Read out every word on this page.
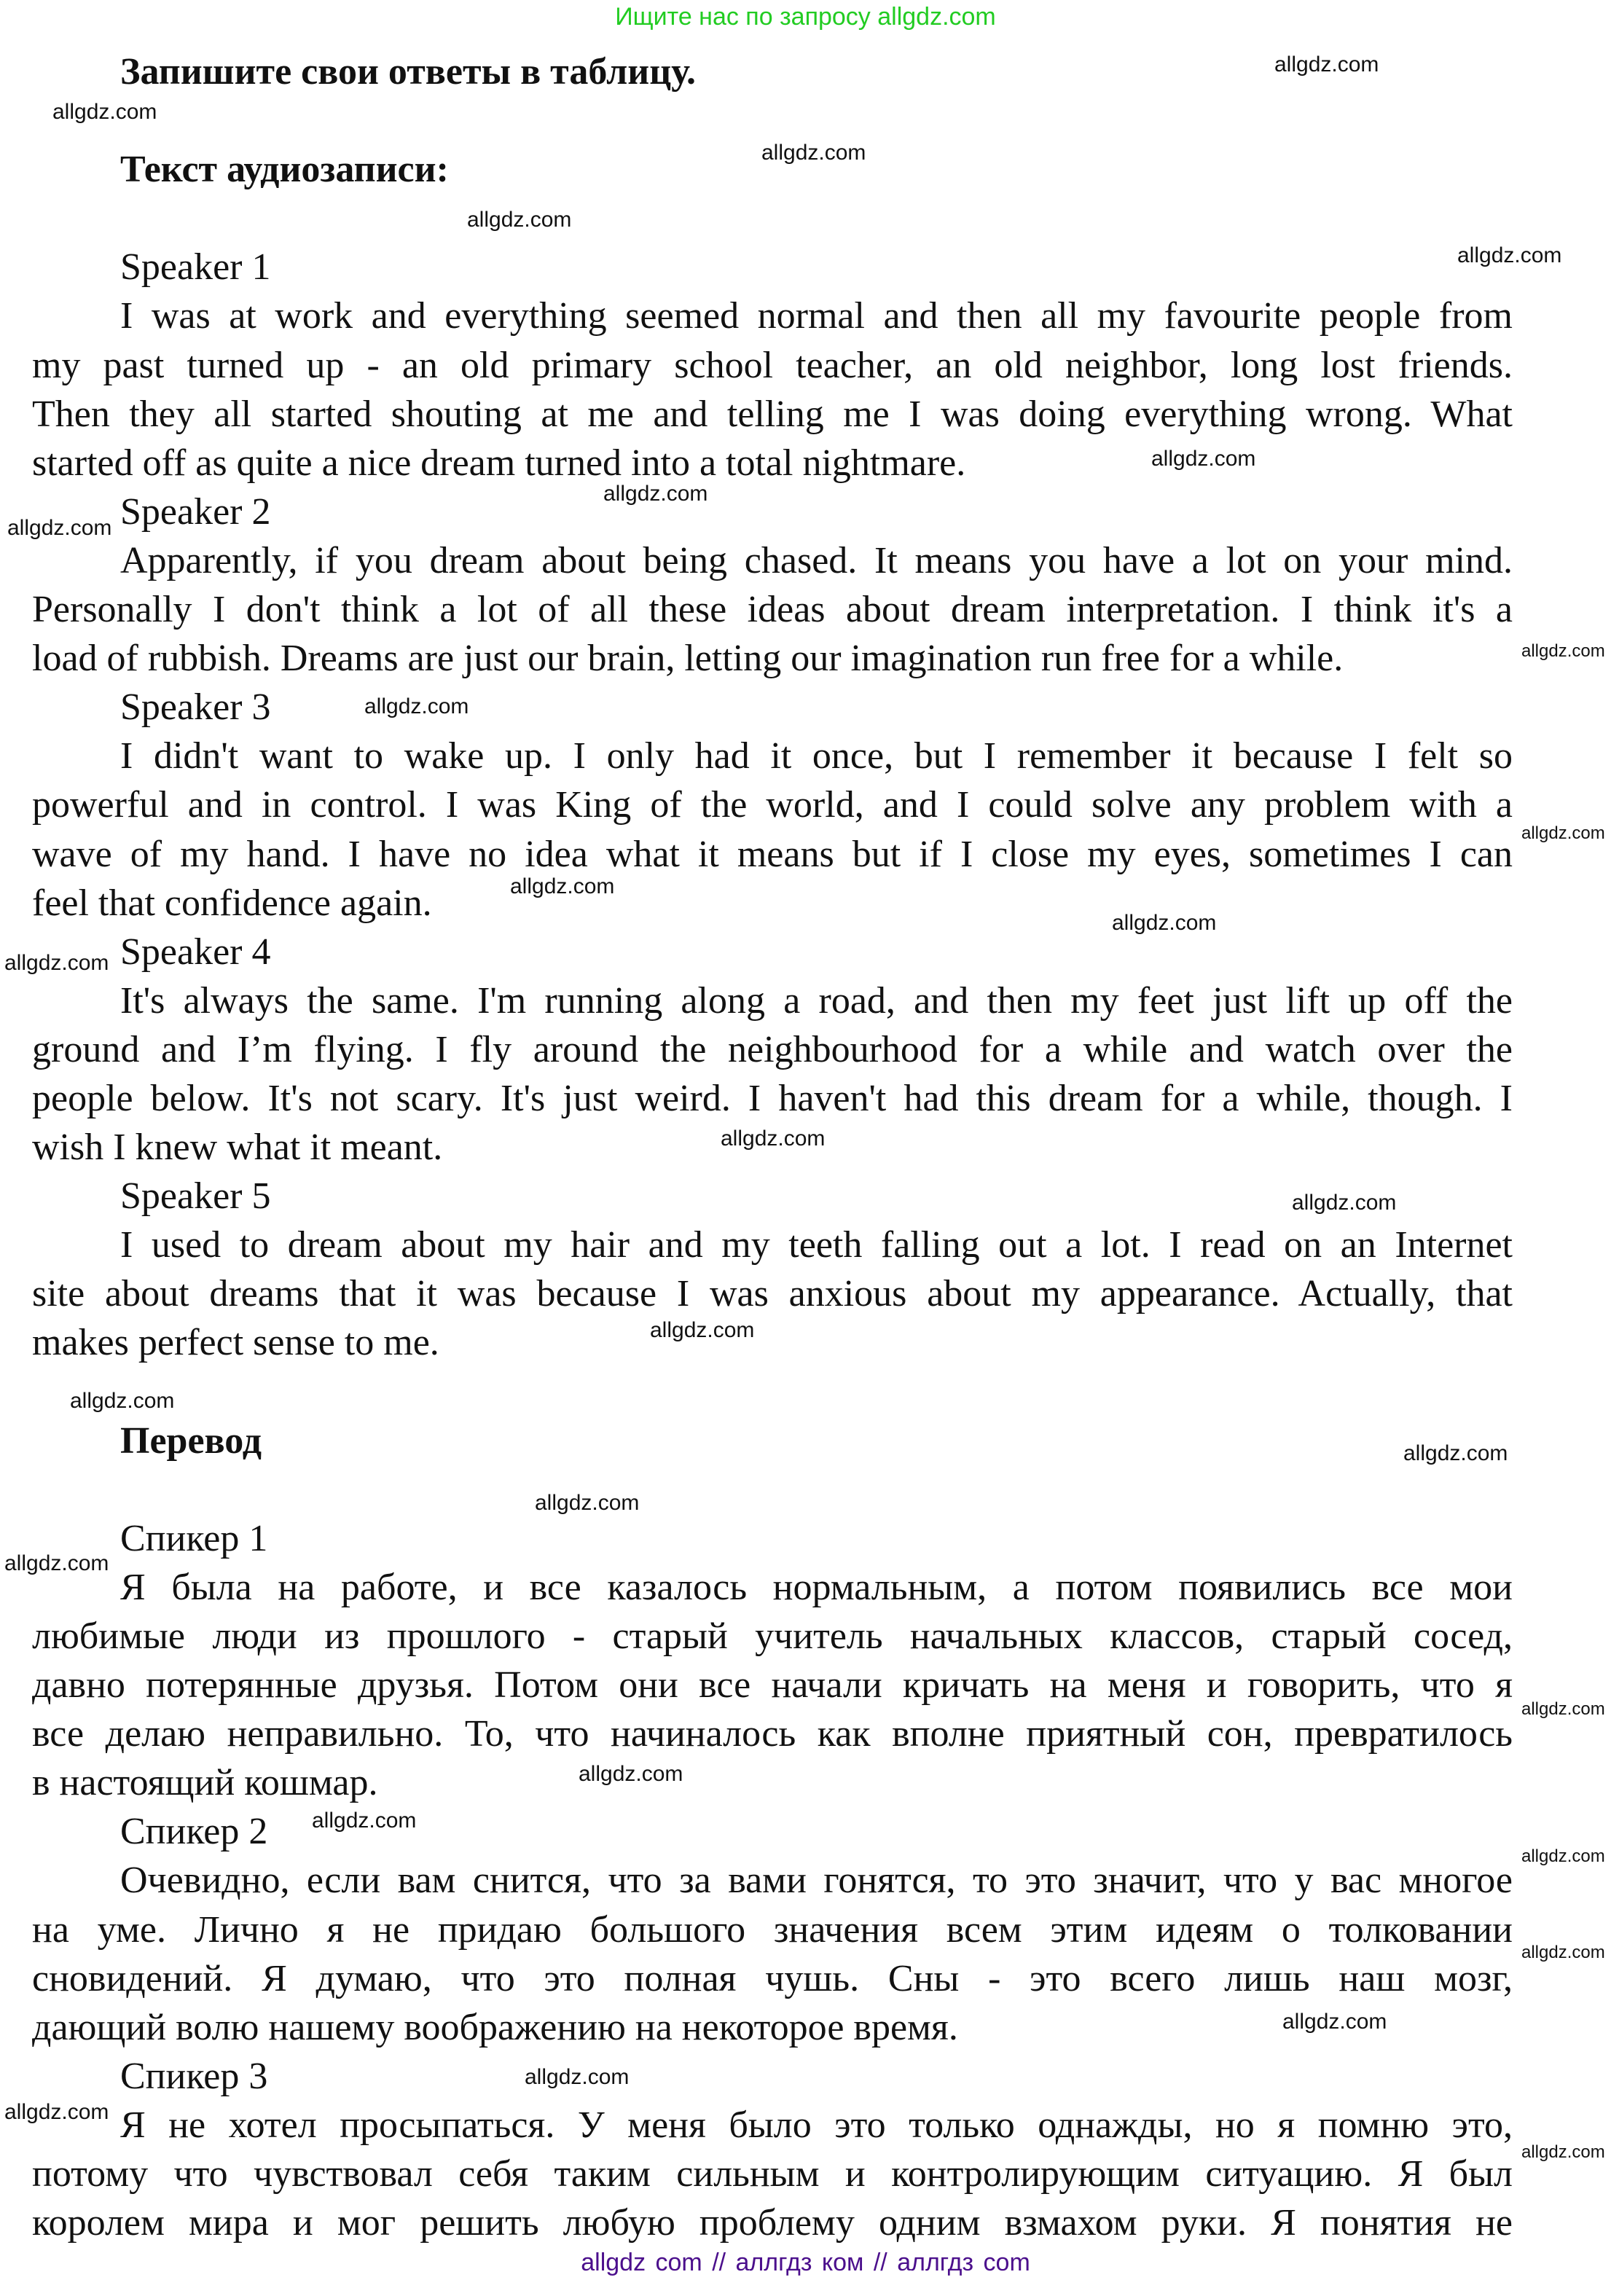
Ищите нас по запросу allgdz.com
Запишите свои ответы в таблицу.
Текст аудиозаписи:
Speaker 1
I was at work and everything seemed normal and then all my favourite people from
my past turned up - an old primary school teacher, an old neighbor, long lost friends.
Then they all started shouting at me and telling me I was doing everything wrong. What
started off as quite a nice dream turned into a total nightmare.
Speaker 2
Apparently, if you dream about being chased. It means you have a lot on your mind.
Personally I don't think a lot of all these ideas about dream interpretation. I think it's a
load of rubbish. Dreams are just our brain, letting our imagination run free for a while.
Speaker 3
I didn't want to wake up. I only had it once, but I remember it because I felt so
powerful and in control. I was King of the world, and I could solve any problem with a
wave of my hand. I have no idea what it means but if I close my eyes, sometimes I can
feel that confidence again.
Speaker 4
It's always the same. I'm running along a road, and then my feet just lift up off the
ground and I’m flying. I fly around the neighbourhood for a while and watch over the
people below. It's not scary. It's just weird. I haven't had this dream for a while, though. I
wish I knew what it meant.
Speaker 5
I used to dream about my hair and my teeth falling out a lot. I read on an Internet
site about dreams that it was because I was anxious about my appearance. Actually, that
makes perfect sense to me.
Перевод
Спикер 1
Я была на работе, и все казалось нормальным, а потом появились все мои
любимые люди из прошлого - старый учитель начальных классов, старый сосед,
давно потерянные друзья. Потом они все начали кричать на меня и говорить, что я
все делаю неправильно. То, что начиналось как вполне приятный сон, превратилось
в настоящий кошмар.
Спикер 2
Очевидно, если вам снится, что за вами гонятся, то это значит, что у вас многое
на уме. Лично я не придаю большого значения всем этим идеям о толковании
сновидений. Я думаю, что это полная чушь. Сны - это всего лишь наш мозг,
дающий волю нашему воображению на некоторое время.
Спикер 3
Я не хотел просыпаться. У меня было это только однажды, но я помню это,
потому что чувствовал себя таким сильным и контролирующим ситуацию. Я был
королем мира и мог решить любую проблему одним взмахом руки. Я понятия не
allgdz.com
allgdz.com
allgdz.com
allgdz.com
allgdz.com
allgdz.com
allgdz.com
allgdz.com
allgdz.com
allgdz.com
allgdz.com
allgdz.com
allgdz.com
allgdz.com
allgdz.com
allgdz.com
allgdz.com
allgdz.com
allgdz.com
allgdz.com
allgdz.com
allgdz.com
allgdz.com
allgdz.com
allgdz.com
allgdz.com
allgdz.com
allgdz.com
allgdz.com
allgdz.com
allgdz com // аллгдз ком // аллгдз com
